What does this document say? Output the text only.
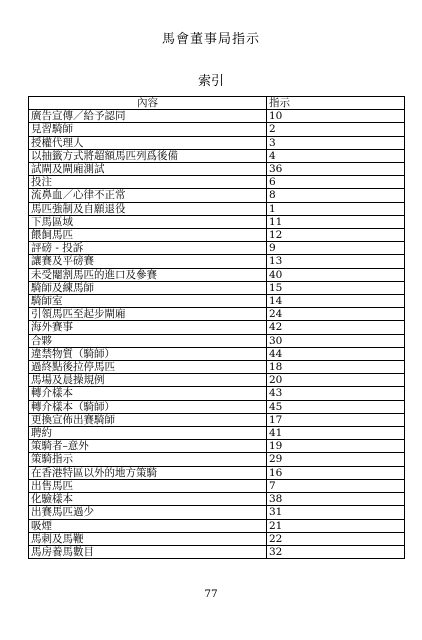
馬會董事局指示
索引
內容	指示
廣告宣傳／給予認同	10
見習騎師	2
授權代理人	3
以抽籤方式將超額馬匹列爲後備	4
試閘及閘廂測試	36
投注	6
流鼻血／心律不正常	8
馬匹強制及自願退役	1
下馬區域	11
餵飼馬匹	12
評磅 - 投訴	9
讓賽及平磅賽	13
未受閹割馬匹的進口及參賽	40
騎師及練馬師	15
騎師室	14
引領馬匹至起步閘廂	24
海外賽事	42
合夥	30
違禁物質（騎師）	44
過終點後拉停馬匹	18
馬場及晨操規例	20
轉介樣本	43
轉介樣本（騎師）	45
更換宣佈出賽騎師	17
聘約	41
策騎者–意外	19
策騎指示	29
在香港特區以外的地方策騎	16
出售馬匹	7
化驗樣本	38
出賽馬匹過少	31
吸煙	21
馬刺及馬鞭	22
馬房養馬數目	32
77
